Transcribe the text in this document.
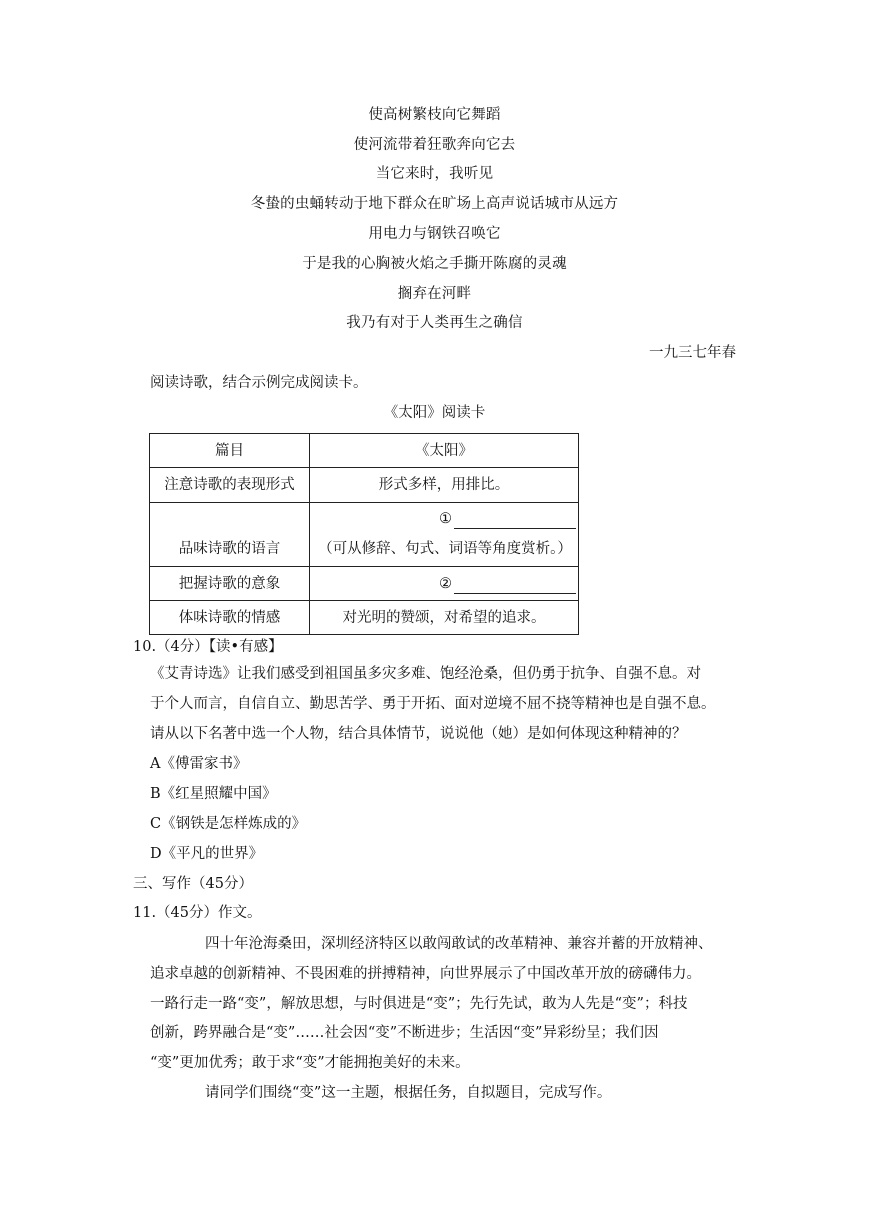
使高树繁枝向它舞蹈
使河流带着狂歌奔向它去
当它来时，我听见
冬蛰的虫蛹转动于地下群众在旷场上高声说话城市从远方
用电力与钢铁召唤它
于是我的心胸被火焰之手撕开陈腐的灵魂
搁弃在河畔
我乃有对于人类再生之确信
一九三七年春
阅读诗歌，结合示例完成阅读卡。
《太阳》阅读卡
篇目	《太阳》
注意诗歌的表现形式	形式多样，用排比。
品味诗歌的语言	①
（可从修辞、句式、词语等角度赏析。）

把握诗歌的意象	②

体味诗歌的情感	对光明的赞颂，对希望的追求。
10.（4分）【读•有感】
《艾青诗选》让我们感受到祖国虽多灾多难、饱经沧桑，但仍勇于抗争、自强不息。对
于个人而言，自信自立、勤思苦学、勇于开拓、面对逆境不屈不挠等精神也是自强不息。
请从以下名著中选一个人物，结合具体情节，说说他（她）是如何体现这种精神的？
A《傅雷家书》
B《红星照耀中国》
C《钢铁是怎样炼成的》
D《平凡的世界》
三、写作（45分）
11.（45分）作文。
四十年沧海桑田，深圳经济特区以敢闯敢试的改革精神、兼容并蓄的开放精神、
追求卓越的创新精神、不畏困难的拼搏精神，向世界展示了中国改革开放的磅礴伟力。
一路行走一路“变”，解放思想，与时俱进是“变”；先行先试，敢为人先是“变”；科技
创新，跨界融合是“变”……社会因“变”不断进步；生活因“变”异彩纷呈；我们因
“变”更加优秀；敢于求“变”才能拥抱美好的未来。
请同学们围绕“变”这一主题，根据任务，自拟题目，完成写作。
